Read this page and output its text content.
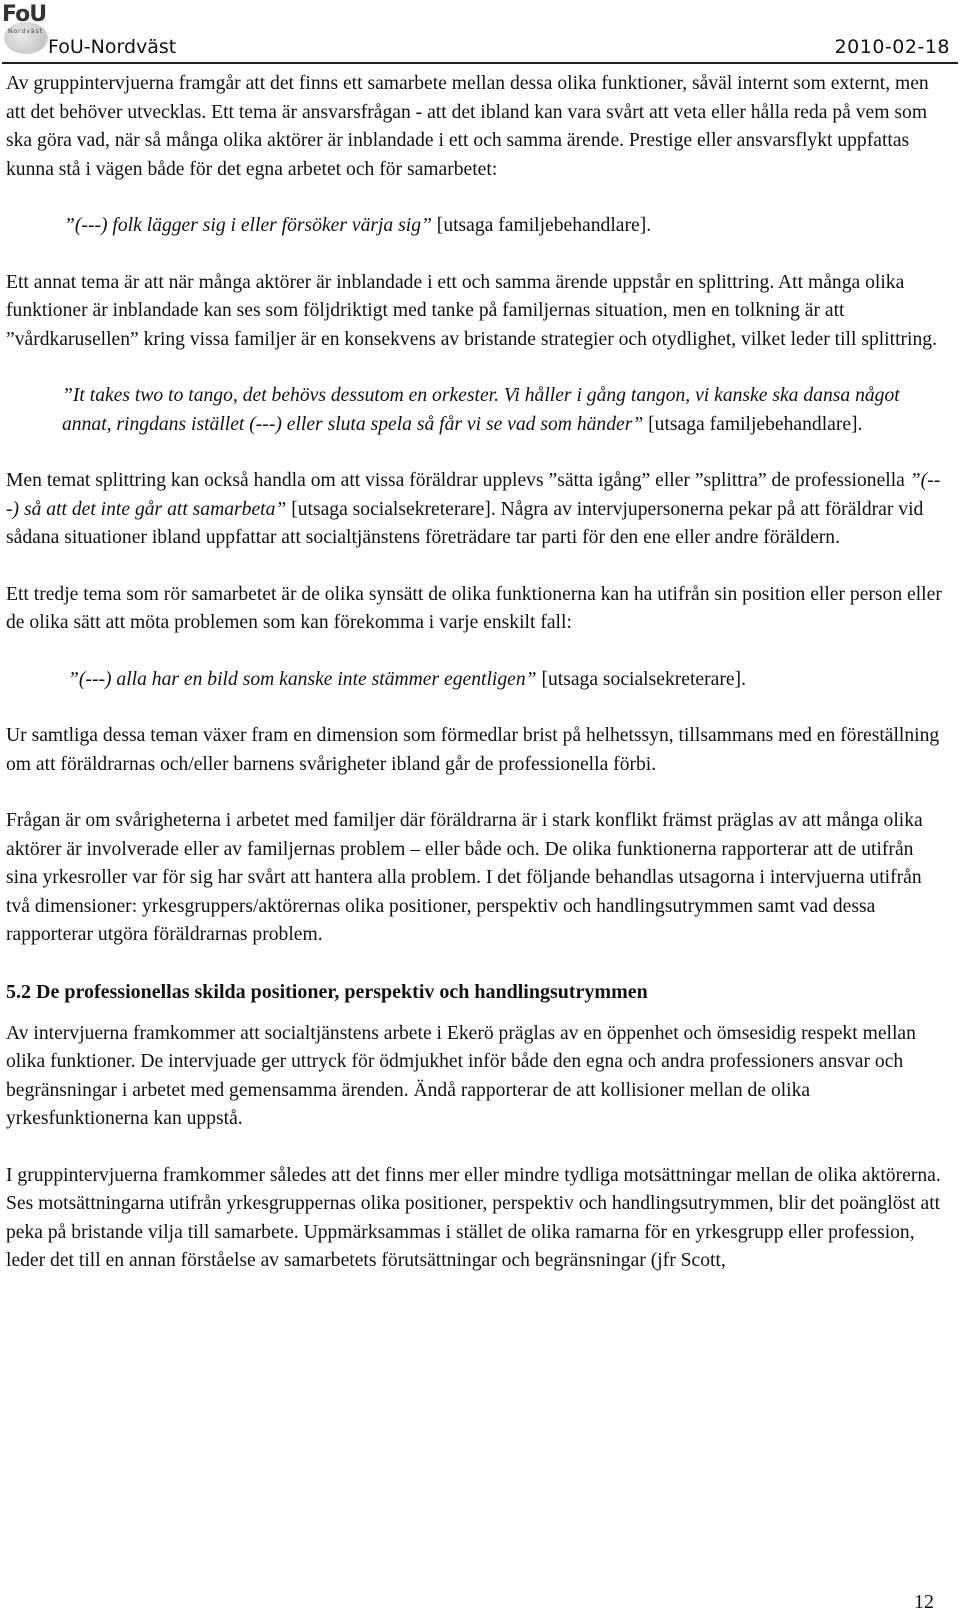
FoU
Nordväst
FoU-Nordväst	2010-02-18

Av gruppintervjuerna framgår att det finns ett samarbete mellan dessa olika funktioner, såväl internt som externt, men att det behöver utvecklas. Ett tema är ansvarsfrågan - att det ibland kan vara svårt att veta eller hålla reda på vem som ska göra vad, när så många olika aktörer är inblandade i ett och samma ärende. Prestige eller ansvarsflykt uppfattas kunna stå i vägen både för det egna arbetet och för samarbetet:

”(---) folk lägger sig i eller försöker värja sig” [utsaga familjebehandlare].

Ett annat tema är att när många aktörer är inblandade i ett och samma ärende uppstår en splittring. Att många olika funktioner är inblandade kan ses som följdriktigt med tanke på familjernas situation, men en tolkning är att ”vårdkarusellen” kring vissa familjer är en konsekvens av bristande strategier och otydlighet, vilket leder till splittring.

”It takes two to tango, det behövs dessutom en orkester. Vi håller i gång tangon, vi kanske ska dansa något annat, ringdans istället (---) eller sluta spela så får vi se vad som händer” [utsaga familjebehandlare].

Men temat splittring kan också handla om att vissa föräldrar upplevs ”sätta igång” eller ”splittra” de professionella ”(---) så att det inte går att samarbeta” [utsaga socialsekreterare]. Några av intervjupersonerna pekar på att föräldrar vid sådana situationer ibland uppfattar att socialtjänstens företrädare tar parti för den ene eller andre föräldern.

Ett tredje tema som rör samarbetet är de olika synsätt de olika funktionerna kan ha utifrån sin position eller person eller de olika sätt att möta problemen som kan förekomma i varje enskilt fall:

”(---) alla har en bild som kanske inte stämmer egentligen” [utsaga socialsekreterare].

Ur samtliga dessa teman växer fram en dimension som förmedlar brist på helhetssyn, tillsammans med en föreställning om att föräldrarnas och/eller barnens svårigheter ibland går de professionella förbi.

Frågan är om svårigheterna i arbetet med familjer där föräldrarna är i stark konflikt främst präglas av att många olika aktörer är involverade eller av familjernas problem – eller både och. De olika funktionerna rapporterar att de utifrån sina yrkesroller var för sig har svårt att hantera alla problem. I det följande behandlas utsagorna i intervjuerna utifrån två dimensioner: yrkesgruppers/aktörernas olika positioner, perspektiv och handlingsutrymmen samt vad dessa rapporterar utgöra föräldrarnas problem.

5.2 De professionellas skilda positioner, perspektiv och handlingsutrymmen

Av intervjuerna framkommer att socialtjänstens arbete i Ekerö präglas av en öppenhet och ömsesidig respekt mellan olika funktioner. De intervjuade ger uttryck för ödmjukhet inför både den egna och andra professioners ansvar och begränsningar i arbetet med gemensamma ärenden. Ändå rapporterar de att kollisioner mellan de olika yrkesfunktionerna kan uppstå.

I gruppintervjuerna framkommer således att det finns mer eller mindre tydliga motsättningar mellan de olika aktörerna. Ses motsättningarna utifrån yrkesgruppernas olika positioner, perspektiv och handlingsutrymmen, blir det poänglöst att peka på bristande vilja till samarbete. Uppmärksammas i stället de olika ramarna för en yrkesgrupp eller profession, leder det till en annan förståelse av samarbetets förutsättningar och begränsningar (jfr Scott,

12
